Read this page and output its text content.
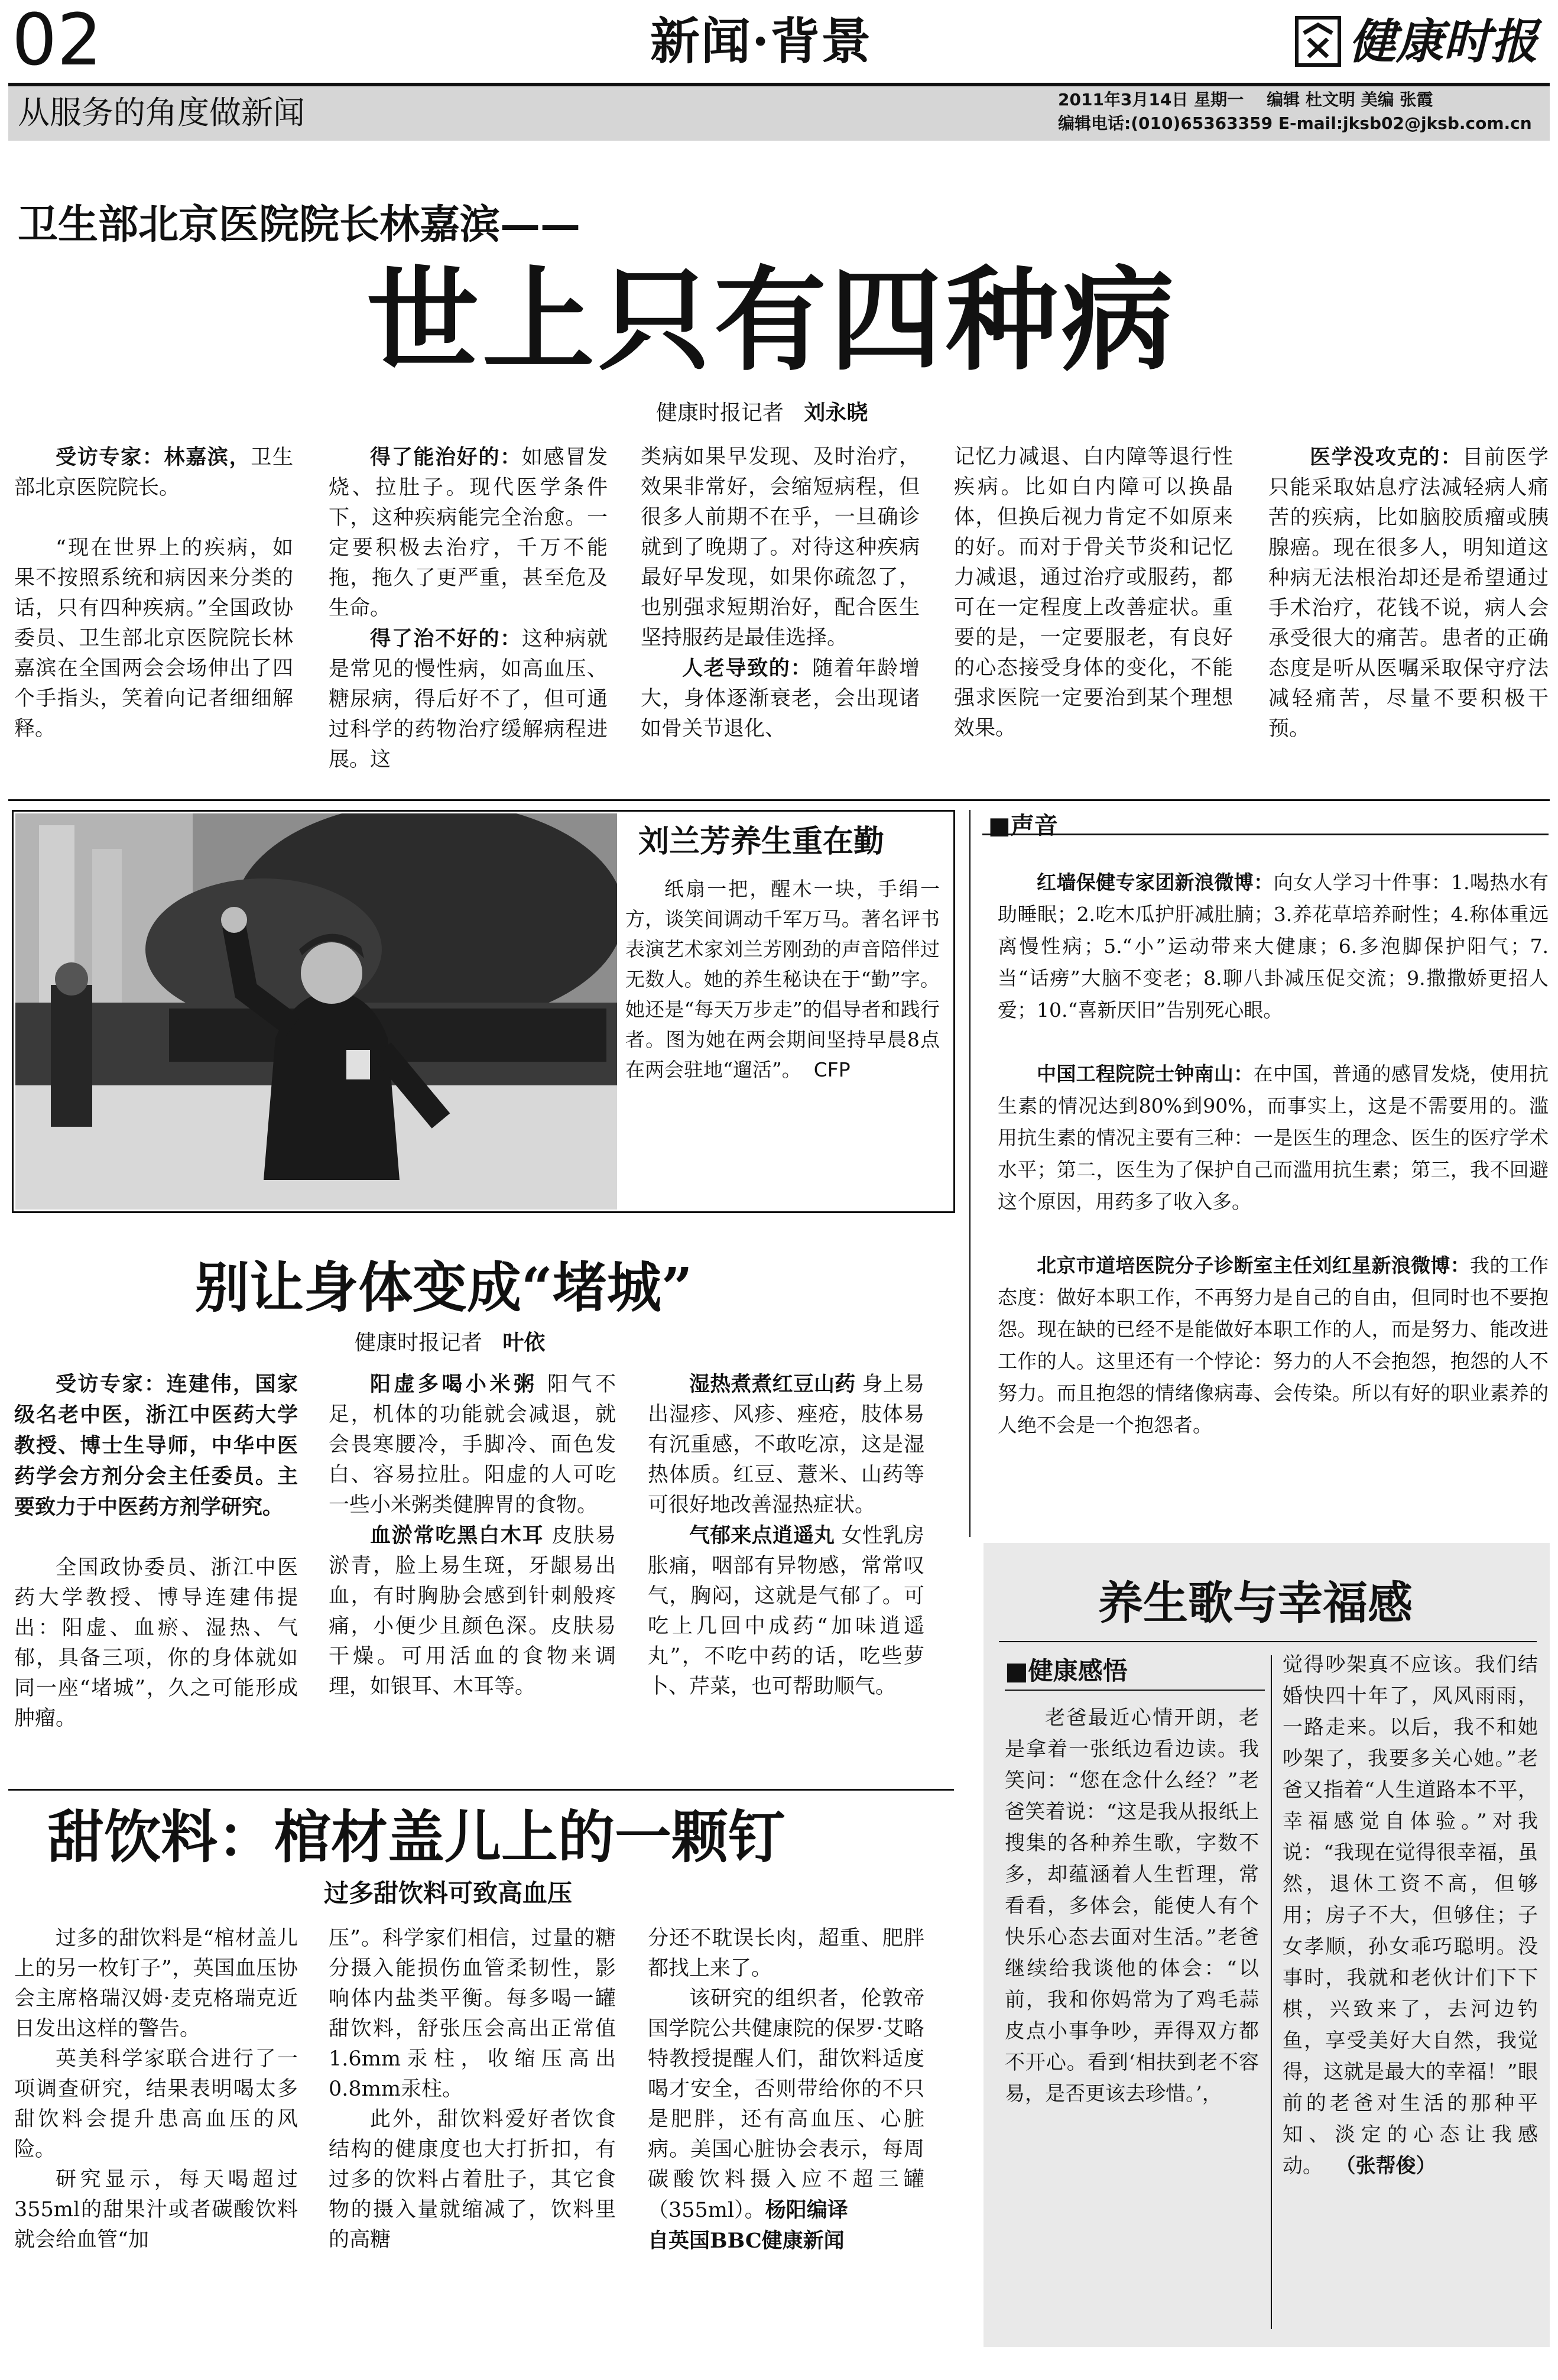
02	新闻·背景	健康时报
从服务的角度做新闻	2011年3月14日 星期一 编辑 杜文明 美编 张霞
编辑电话:(010)65363359 E-mail:jksb02@jksb.com.cn
卫生部北京医院院长林嘉滨——
世上只有四种病
健康时报记者 刘永晓

受访专家：林嘉滨，卫生部北京医院院长。

“现在世界上的疾病，如果不按照系统和病因来分类的话，只有四种疾病。”全国政协委员、卫生部北京医院院长林嘉滨在全国两会会场伸出了四个手指头，笑着向记者细细解释。

得了能治好的：如感冒发烧、拉肚子。现代医学条件下，这种疾病能完全治愈。一定要积极去治疗，千万不能拖，拖久了更严重，甚至危及生命。

得了治不好的：这种病就是常见的慢性病，如高血压、糖尿病，得后好不了，但可通过科学的药物治疗缓解病程进展。这

类病如果早发现、及时治疗，效果非常好，会缩短病程，但很多人前期不在乎，一旦确诊就到了晚期了。对待这种疾病最好早发现，如果你疏忽了，也别强求短期治好，配合医生坚持服药是最佳选择。

人老导致的：随着年龄增大，身体逐渐衰老，会出现诸如骨关节退化、

记忆力减退、白内障等退行性疾病。比如白内障可以换晶体，但换后视力肯定不如原来的好。而对于骨关节炎和记忆力减退，通过治疗或服药，都可在一定程度上改善症状。重要的是，一定要服老，有良好的心态接受身体的变化，不能强求医院一定要治到某个理想效果。

医学没攻克的：目前医学只能采取姑息疗法减轻病人痛苦的疾病，比如脑胶质瘤或胰腺癌。现在很多人，明知道这种病无法根治却还是希望通过手术治疗，花钱不说，病人会承受很大的痛苦。患者的正确态度是听从医嘱采取保守疗法减轻痛苦，尽量不要积极干预。

刘兰芳养生重在勤

纸扇一把，醒木一块，手绢一方，谈笑间调动千军万马。著名评书表演艺术家刘兰芳刚劲的声音陪伴过无数人。她的养生秘诀在于“勤”字。她还是“每天万步走”的倡导者和践行者。图为她在两会期间坚持早晨8点在两会驻地“遛活”。 CFP

■声音

红墙保健专家团新浪微博：向女人学习十件事：1.喝热水有助睡眠；2.吃木瓜护肝减肚腩；3.养花草培养耐性；4.称体重远离慢性病；5.“小”运动带来大健康；6.多泡脚保护阳气；7.当“话痨”大脑不变老；8.聊八卦减压促交流；9.撒撒娇更招人爱；10.“喜新厌旧”告别死心眼。

中国工程院院士钟南山：在中国，普通的感冒发烧，使用抗生素的情况达到80%到90%，而事实上，这是不需要用的。滥用抗生素的情况主要有三种：一是医生的理念、医生的医疗学术水平；第二，医生为了保护自己而滥用抗生素；第三，我不回避这个原因，用药多了收入多。

北京市道培医院分子诊断室主任刘红星新浪微博：我的工作态度：做好本职工作，不再努力是自己的自由，但同时也不要抱怨。现在缺的已经不是能做好本职工作的人，而是努力、能改进工作的人。这里还有一个悖论：努力的人不会抱怨，抱怨的人不努力。而且抱怨的情绪像病毒、会传染。所以有好的职业素养的人绝不会是一个抱怨者。

别让身体变成“堵城”
健康时报记者 叶依

受访专家：连建伟，国家级名老中医，浙江中医药大学教授、博士生导师，中华中医药学会方剂分会主任委员。主要致力于中医药方剂学研究。

全国政协委员、浙江中医药大学教授、博导连建伟提出：阳虚、血瘀、湿热、气郁，具备三项，你的身体就如同一座“堵城”，久之可能形成肿瘤。

阳虚多喝小米粥 阳气不足，机体的功能就会减退，就会畏寒腰冷，手脚冷、面色发白、容易拉肚。阳虚的人可吃一些小米粥类健脾胃的食物。

血淤常吃黑白木耳 皮肤易淤青，脸上易生斑，牙龈易出血，有时胸胁会感到针刺般疼痛，小便少且颜色深。皮肤易干燥。可用活血的食物来调理，如银耳、木耳等。

湿热煮煮红豆山药 身上易出湿疹、风疹、痤疮，肢体易有沉重感，不敢吃凉，这是湿热体质。红豆、薏米、山药等可很好地改善湿热症状。

气郁来点逍遥丸 女性乳房胀痛，咽部有异物感，常常叹气，胸闷，这就是气郁了。可吃上几回中成药“加味逍遥丸”，不吃中药的话，吃些萝卜、芹菜，也可帮助顺气。

甜饮料：棺材盖儿上的一颗钉
过多甜饮料可致高血压

过多的甜饮料是“棺材盖儿上的另一枚钉子”，英国血压协会主席格瑞汉姆·麦克格瑞克近日发出这样的警告。

英美科学家联合进行了一项调查研究，结果表明喝太多甜饮料会提升患高血压的风险。

研究显示，每天喝超过355ml的甜果汁或者碳酸饮料就会给血管“加

压”。科学家们相信，过量的糖分摄入能损伤血管柔韧性，影响体内盐类平衡。每多喝一罐甜饮料，舒张压会高出正常值1.6mm汞柱，收缩压高出0.8mm汞柱。

此外，甜饮料爱好者饮食结构的健康度也大打折扣，有过多的饮料占着肚子，其它食物的摄入量就缩减了，饮料里的高糖

分还不耽误长肉，超重、肥胖都找上来了。

该研究的组织者，伦敦帝国学院公共健康院的保罗·艾略特教授提醒人们，甜饮料适度喝才安全，否则带给你的不只是肥胖，还有高血压、心脏病。美国心脏协会表示，每周碳酸饮料摄入应不超三罐（355ml）。杨阳编译

自英国BBC健康新闻

养生歌与幸福感
■健康感悟

老爸最近心情开朗，老是拿着一张纸边看边读。我笑问：“您在念什么经？”老爸笑着说：“这是我从报纸上搜集的各种养生歌，字数不多，却蕴涵着人生哲理，常看看，多体会，能使人有个快乐心态去面对生活。”老爸继续给我谈他的体会：“以前，我和你妈常为了鸡毛蒜皮点小事争吵，弄得双方都不开心。看到‘相扶到老不容易，是否更该去珍惜。’，

觉得吵架真不应该。我们结婚快四十年了，风风雨雨，一路走来。以后，我不和她吵架了，我要多关心她。”老爸又指着“人生道路本不平，幸福感觉自体验。”对我说：“我现在觉得很幸福，虽然，退休工资不高，但够用；房子不大，但够住；子女孝顺，孙女乖巧聪明。没事时，我就和老伙计们下下棋，兴致来了，去河边钓鱼，享受美好大自然，我觉得，这就是最大的幸福！”眼前的老爸对生活的那种平知、淡定的心态让我感动。 （张帮俊）
